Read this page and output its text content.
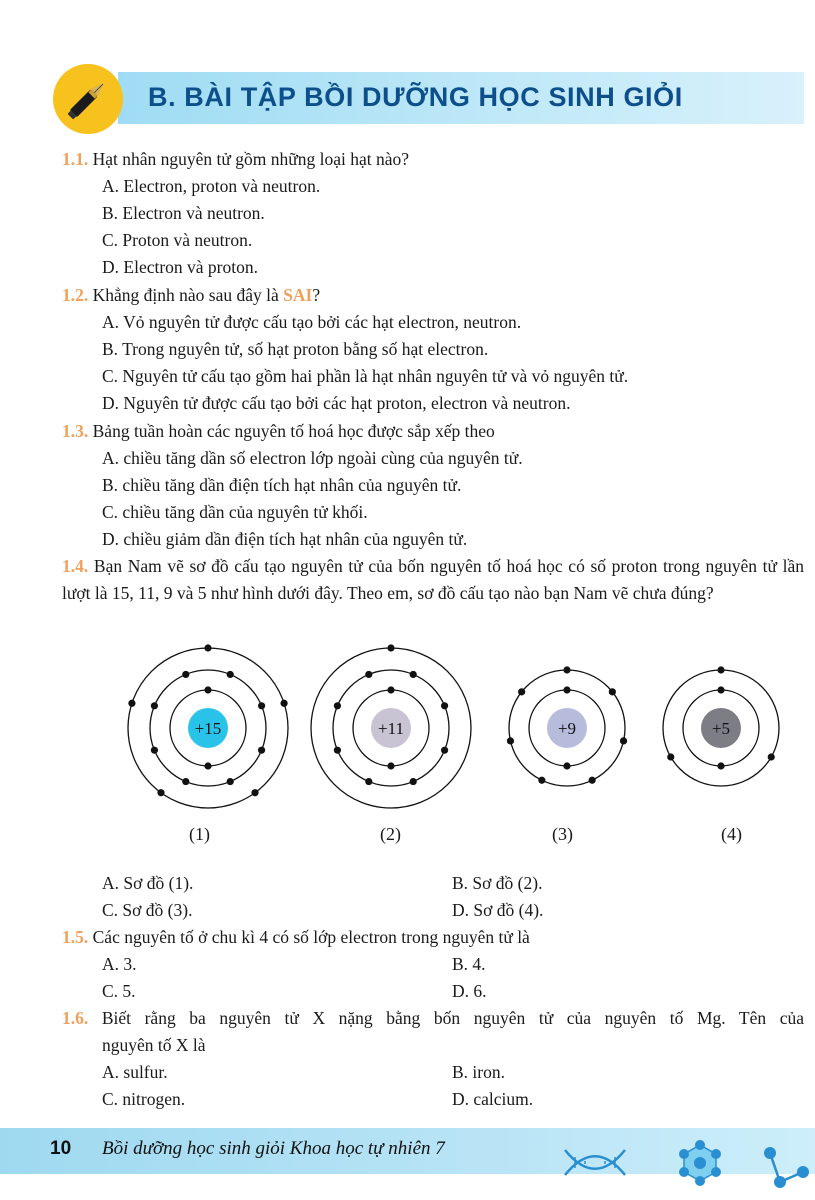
B. BÀI TẬP BỒI DƯỠNG HỌC SINH GIỎI
1.1. Hạt nhân nguyên tử gồm những loại hạt nào?
A. Electron, proton và neutron.
B. Electron và neutron.
C. Proton và neutron.
D. Electron và proton.
1.2. Khẳng định nào sau đây là SAI?
A. Vỏ nguyên tử được cấu tạo bởi các hạt electron, neutron.
B. Trong nguyên tử, số hạt proton bằng số hạt electron.
C. Nguyên tử cấu tạo gồm hai phần là hạt nhân nguyên tử và vỏ nguyên tử.
D. Nguyên tử được cấu tạo bởi các hạt proton, electron và neutron.
1.3. Bảng tuần hoàn các nguyên tố hoá học được sắp xếp theo
A. chiều tăng dần số electron lớp ngoài cùng của nguyên tử.
B. chiều tăng dần điện tích hạt nhân của nguyên tử.
C. chiều tăng dần của nguyên tử khối.
D. chiều giảm dần điện tích hạt nhân của nguyên tử.
1.4. Bạn Nam vẽ sơ đồ cấu tạo nguyên tử của bốn nguyên tố hoá học có số proton trong nguyên tử lần lượt là 15, 11, 9 và 5 như hình dưới đây. Theo em, sơ đồ cấu tạo nào bạn Nam vẽ chưa đúng?
+15	+11	+9	+5
(1)	(2)	(3)	(4)
A. Sơ đồ (1).	B. Sơ đồ (2).
C. Sơ đồ (3).	D. Sơ đồ (4).
1.5. Các nguyên tố ở chu kì 4 có số lớp electron trong nguyên tử là
A. 3.	B. 4.
C. 5.	D. 6.
1.6. Biết rằng ba nguyên tử X nặng bằng bốn nguyên tử của nguyên tố Mg. Tên của
nguyên tố X là
A. sulfur.	B. iron.
C. nitrogen.	D. calcium.
10 Bồi dưỡng học sinh giỏi Khoa học tự nhiên 7
